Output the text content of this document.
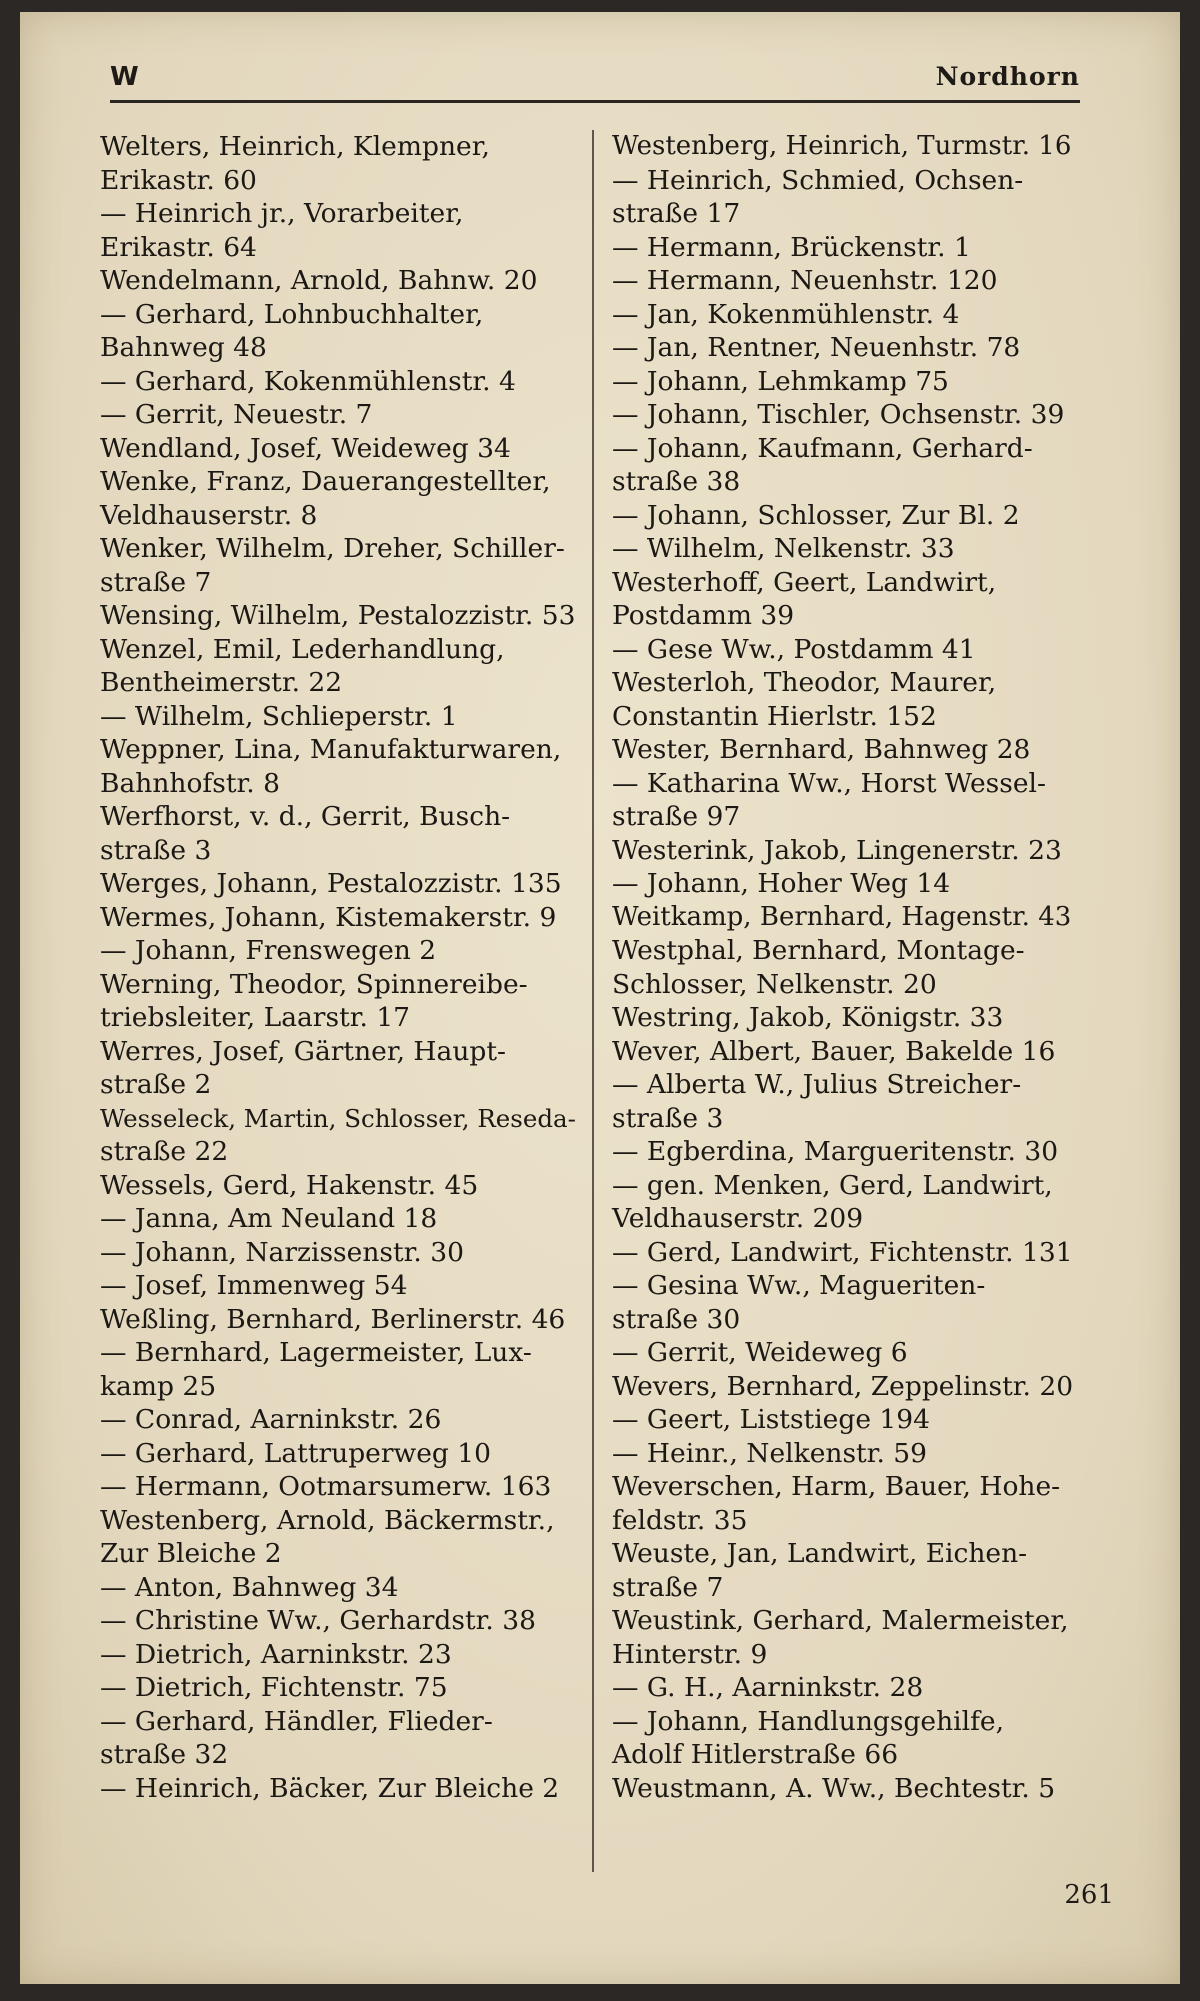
W	Nordhorn
Welters, Heinrich, Klempner,
Erikastr. 60
— Heinrich jr., Vorarbeiter,
Erikastr. 64
Wendelmann, Arnold, Bahnw. 20
— Gerhard, Lohnbuchhalter,
Bahnweg 48
— Gerhard, Kokenmühlenstr. 4
— Gerrit, Neuestr. 7
Wendland, Josef, Weideweg 34
Wenke, Franz, Dauerangestellter,
Veldhauserstr. 8
Wenker, Wilhelm, Dreher, Schiller-
straße 7
Wensing, Wilhelm, Pestalozzistr. 53
Wenzel, Emil, Lederhandlung,
Bentheimerstr. 22
— Wilhelm, Schlieperstr. 1
Weppner, Lina, Manufakturwaren,
Bahnhofstr. 8
Werfhorst, v. d., Gerrit, Busch-
straße 3
Werges, Johann, Pestalozzistr. 135
Wermes, Johann, Kistemakerstr. 9
— Johann, Frenswegen 2
Werning, Theodor, Spinnereibe-
triebsleiter, Laarstr. 17
Werres, Josef, Gärtner, Haupt-
straße 2
Wesseleck, Martin, Schlosser, Reseda-
straße 22
Wessels, Gerd, Hakenstr. 45
— Janna, Am Neuland 18
— Johann, Narzissenstr. 30
— Josef, Immenweg 54
Weßling, Bernhard, Berlinerstr. 46
— Bernhard, Lagermeister, Lux-
kamp 25
— Conrad, Aarninkstr. 26
— Gerhard, Lattruperweg 10
— Hermann, Ootmarsumerw. 163
Westenberg, Arnold, Bäckermstr.,
Zur Bleiche 2
— Anton, Bahnweg 34
— Christine Ww., Gerhardstr. 38
— Dietrich, Aarninkstr. 23
— Dietrich, Fichtenstr. 75
— Gerhard, Händler, Flieder-
straße 32
— Heinrich, Bäcker, Zur Bleiche 2
Westenberg, Heinrich, Turmstr. 16
— Heinrich, Schmied, Ochsen-
straße 17
— Hermann, Brückenstr. 1
— Hermann, Neuenhstr. 120
— Jan, Kokenmühlenstr. 4
— Jan, Rentner, Neuenhstr. 78
— Johann, Lehmkamp 75
— Johann, Tischler, Ochsenstr. 39
— Johann, Kaufmann, Gerhard-
straße 38
— Johann, Schlosser, Zur Bl. 2
— Wilhelm, Nelkenstr. 33
Westerhoff, Geert, Landwirt,
Postdamm 39
— Gese Ww., Postdamm 41
Westerloh, Theodor, Maurer,
Constantin Hierlstr. 152
Wester, Bernhard, Bahnweg 28
— Katharina Ww., Horst Wessel-
straße 97
Westerink, Jakob, Lingenerstr. 23
— Johann, Hoher Weg 14
Weitkamp, Bernhard, Hagenstr. 43
Westphal, Bernhard, Montage-
Schlosser, Nelkenstr. 20
Westring, Jakob, Königstr. 33
Wever, Albert, Bauer, Bakelde 16
— Alberta W., Julius Streicher-
straße 3
— Egberdina, Margueritenstr. 30
— gen. Menken, Gerd, Landwirt,
Veldhauserstr. 209
— Gerd, Landwirt, Fichtenstr. 131
— Gesina Ww., Magueriten-
straße 30
— Gerrit, Weideweg 6
Wevers, Bernhard, Zeppelinstr. 20
— Geert, Liststiege 194
— Heinr., Nelkenstr. 59
Weverschen, Harm, Bauer, Hohe-
feldstr. 35
Weuste, Jan, Landwirt, Eichen-
straße 7
Weustink, Gerhard, Malermeister,
Hinterstr. 9
— G. H., Aarninkstr. 28
— Johann, Handlungsgehilfe,
Adolf Hitlerstraße 66
Weustmann, A. Ww., Bechtestr. 5
261
